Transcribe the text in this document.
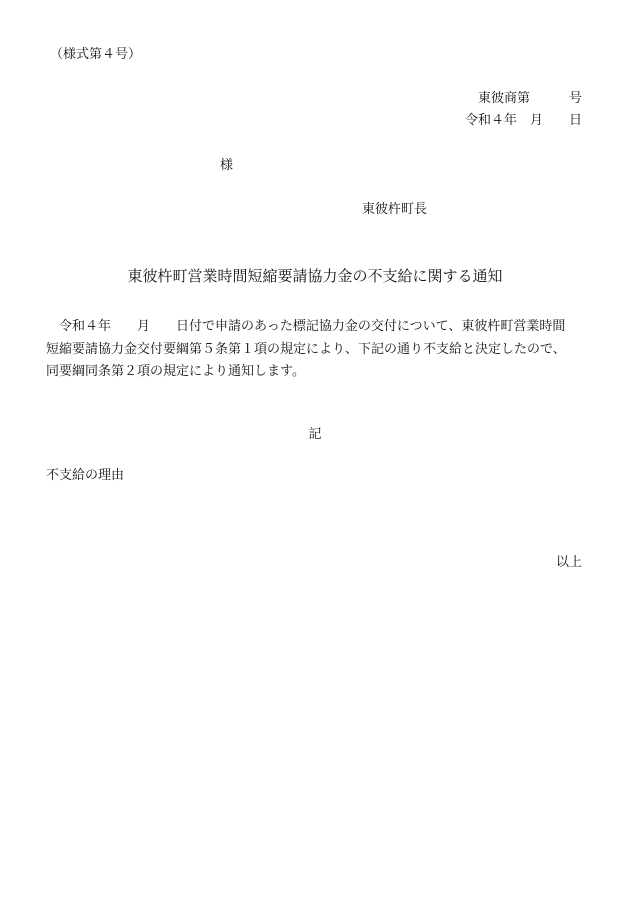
（様式第４号）
東彼商第　　　号
令和４年　月　　日
様
東彼杵町長
東彼杵町営業時間短縮要請協力金の不支給に関する通知
　令和４年　　月　　日付で申請のあった標記協力金の交付について、東彼杵町営業時間
短縮要請協力金交付要綱第５条第１項の規定により、下記の通り不支給と決定したので、
同要綱同条第２項の規定により通知します。
記
不支給の理由
以上
